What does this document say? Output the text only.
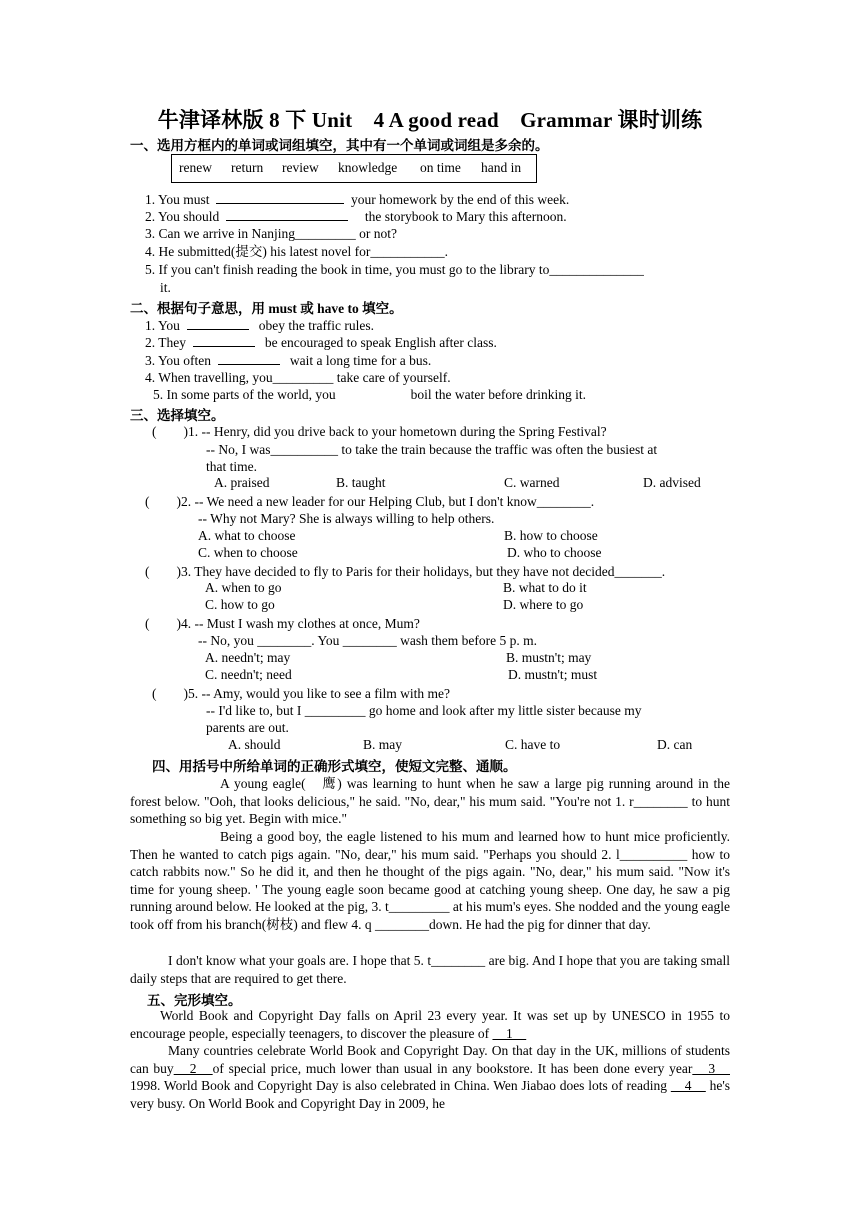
牛津译林版 8 下 Unit　4 A good read　Grammar 课时训练
一、选用方框内的单词或词组填空，其中有一个单词或词组是多余的。
renew return review knowledge on time hand in
1. You must	your homework by the end of this week.
2. You should	the storybook to Mary this afternoon.
3. Can we arrive in Nanjing_________ or not?
4. He submitted(提交) his latest novel for___________.
5. If you can't finish reading the book in time, you must go to the library to______________
it.
二、根据句子意思，用 must 或 have to 填空。
1. You	obey the traffic rules.
2. They	be encouraged to speak English after class.
3. You often	wait a long time for a bus.
4. When travelling, you_________ take care of yourself.
5. In some parts of the world, you	boil the water before drinking it.
三、选择填空。
(　　)1. -- Henry, did you drive back to your hometown during the Spring Festival?
-- No, I was__________ to take the train because the traffic was often the busiest at
that time.
A. praised	B. taught	C. warned	D. advised
(　　)2. -- We need a new leader for our Helping Club, but I don't know________.
-- Why not Mary? She is always willing to help others.
A. what to choose	B. how to choose
C. when to choose	D. who to choose
(　　)3. They have decided to fly to Paris for their holidays, but they have not decided_______.
A. when to go	B. what to do it
C. how to go	D. where to go
(　　)4. -- Must I wash my clothes at once, Mum?
-- No, you ________. You ________ wash them before 5 p. m.
A. needn't; may	B. mustn't; may
C. needn't; need	D. mustn't; must
(　　)5. -- Amy, would you like to see a film with me?
-- I'd like to, but I _________ go home and look after my little sister because my
parents are out.
A. should	B. may	C. have to	D. can
四、用括号中所给单词的正确形式填空，使短文完整、通顺。
A young eagle(　鹰) was learning to hunt when he saw a large pig running around in the forest below. "Ooh, that looks delicious," he said. "No, dear," his mum said. "You're not 1. r________ to hunt something so big yet. Begin with mice."
Being a good boy, the eagle listened to his mum and learned how to hunt mice proficiently. Then he wanted to catch pigs again. "No, dear," his mum said. "Perhaps you should 2. l__________ how to catch rabbits now." So he did it, and then he thought of the pigs again. "No, dear," his mum said. "Now it's time for young sheep. ' The young eagle soon became good at catching young sheep. One day, he saw a pig running around below. He looked at the pig, 3. t_________ at his mum's eyes. She nodded and the young eagle took off from his branch(树枝) and flew 4. q ________down. He had the pig for dinner that day.
I don't know what your goals are. I hope that 5. t________ are big. And I hope that you are taking small daily steps that are required to get there.
五、完形填空。
World Book and Copyright Day falls on April 23 every year. It was set up by UNESCO in 1955 to encourage people, especially teenagers, to discover the pleasure of 　1　
Many countries celebrate World Book and Copyright Day. On that day in the UK, millions of students can buy　2　of special price, much lower than usual in any bookstore. It has been done every year　3　 1998. World Book and Copyright Day is also celebrated in China. Wen Jiabao does lots of reading 　4　 he's very busy. On World Book and Copyright Day in 2009, he
